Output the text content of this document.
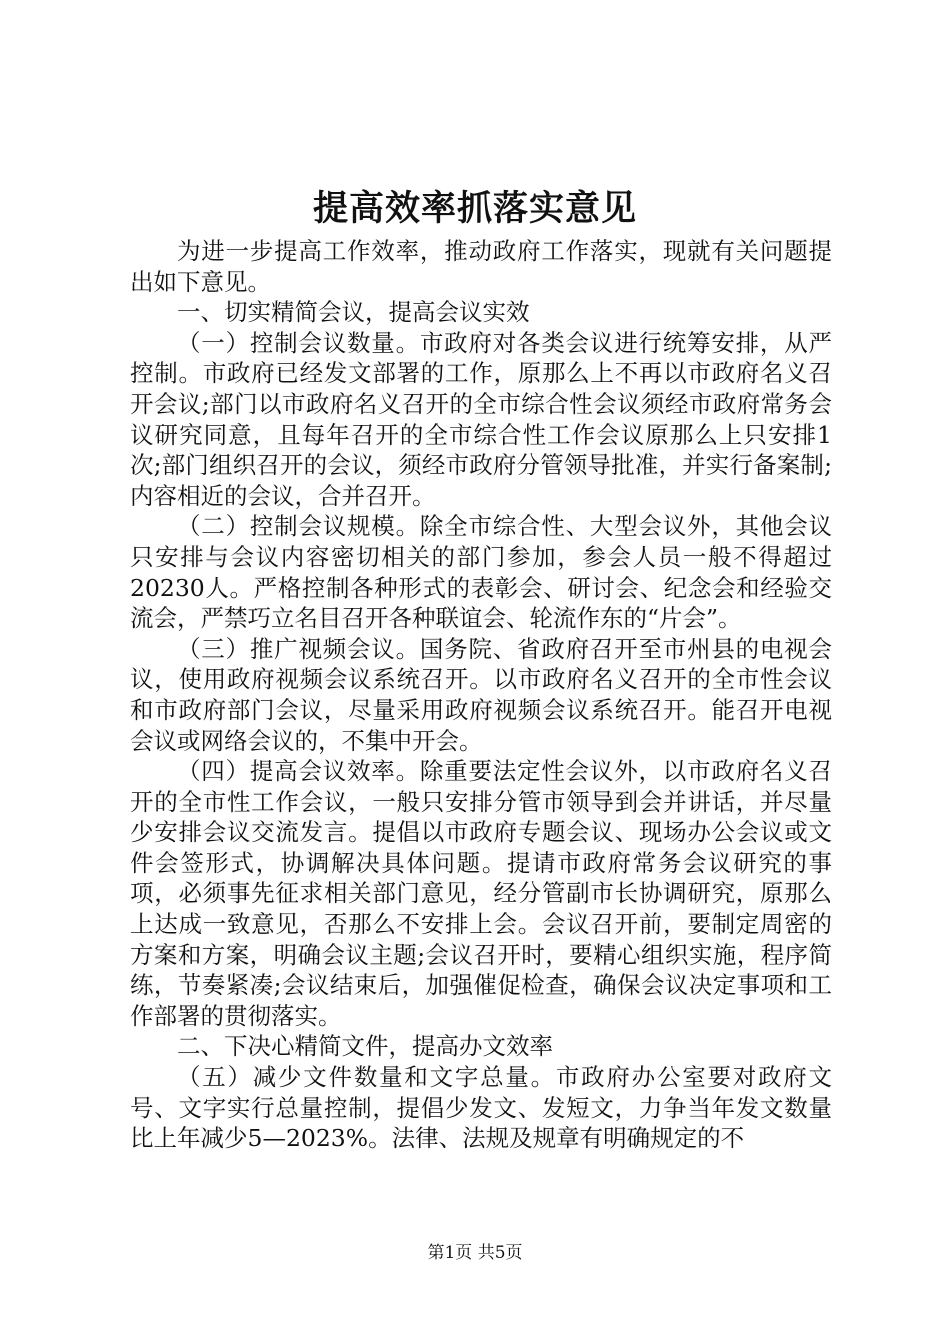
提高效率抓落实意见

为进一步提高工作效率，推动政府工作落实，现就有关问题提出如下意见。

一、切实精简会议，提高会议实效

（一）控制会议数量。市政府对各类会议进行统筹安排，从严控制。市政府已经发文部署的工作，原那么上不再以市政府名义召开会议;部门以市政府名义召开的全市综合性会议须经市政府常务会议研究同意，且每年召开的全市综合性工作会议原那么上只安排1次;部门组织召开的会议，须经市政府分管领导批准，并实行备案制;内容相近的会议，合并召开。

（二）控制会议规模。除全市综合性、大型会议外，其他会议只安排与会议内容密切相关的部门参加，参会人员一般不得超过20230人。严格控制各种形式的表彰会、研讨会、纪念会和经验交流会，严禁巧立名目召开各种联谊会、轮流作东的“片会”。

（三）推广视频会议。国务院、省政府召开至市州县的电视会议，使用政府视频会议系统召开。以市政府名义召开的全市性会议和市政府部门会议，尽量采用政府视频会议系统召开。能召开电视　　会议或网络会议的，不集中开会。

（四）提高会议效率。除重要法定性会议外，以市政府名义召开的全市性工作会议，一般只安排分管市领导到会并讲话，并尽量少安排会议交流发言。提倡以市政府专题会议、现场办公会议或文件会签形式，协调解决具体问题。提请市政府常务会议研究的事项，必须事先征求相关部门意见，经分管副市长协调研究，原那么上达成一致意见，否那么不安排上会。会议召开前，要制定周密的方案和方案，明确会议主题;会议召开时，要精心组织实施，程序简练，节奏紧凑;会议结束后，加强催促检查，确保会议决定事项和工作部署的贯彻落实。

二、下决心精简文件，提高办文效率

（五）减少文件数量和文字总量。市政府办公室要对政府文号、文字实行总量控制，提倡少发文、发短文，力争当年发文数量比上年减少5—2023%。法律、法规及规章有明确规定的不

第1页 共5页
